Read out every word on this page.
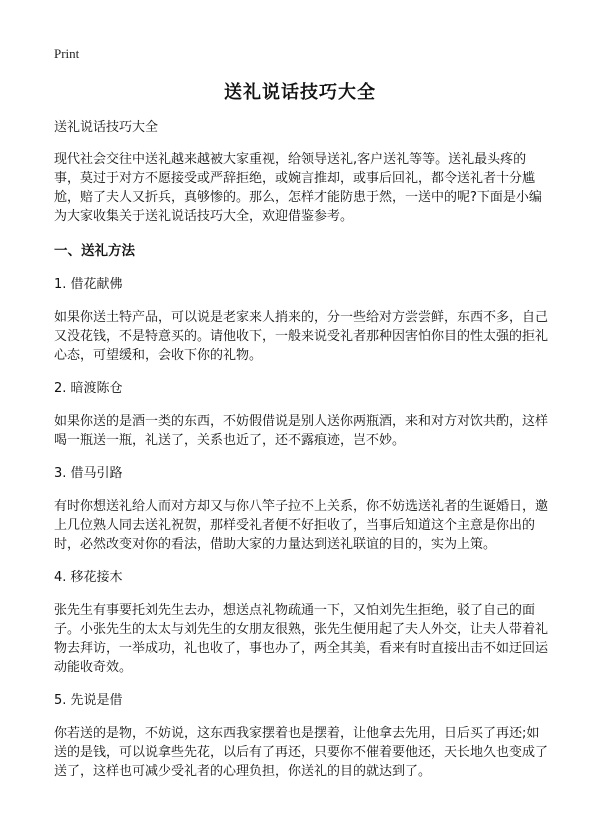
Print
送礼说话技巧大全

送礼说话技巧大全

现代社会交往中送礼越来越被大家重视，给领导送礼,客户送礼等等。送礼最头疼的事，莫过于对方不愿接受或严辞拒绝，或婉言推却，或事后回礼，都令送礼者十分尴尬，赔了夫人又折兵，真够惨的。那么，怎样才能防患于然，一送中的呢?下面是小编为大家收集关于送礼说话技巧大全，欢迎借鉴参考。

一、送礼方法

1. 借花献佛

如果你送土特产品，可以说是老家来人捎来的，分一些给对方尝尝鲜，东西不多，自己又没花钱，不是特意买的。请他收下，一般来说受礼者那种因害怕你目的性太强的拒礼心态，可望缓和，会收下你的礼物。

2. 暗渡陈仓

如果你送的是酒一类的东西，不妨假借说是别人送你两瓶酒，来和对方对饮共酌，这样喝一瓶送一瓶，礼送了，关系也近了，还不露痕迹，岂不妙。

3. 借马引路

有时你想送礼给人而对方却又与你八竿子拉不上关系，你不妨选送礼者的生诞婚日，邀上几位熟人同去送礼祝贺，那样受礼者便不好拒收了，当事后知道这个主意是你出的时，必然改变对你的看法，借助大家的力量达到送礼联谊的目的，实为上策。

4. 移花接木

张先生有事要托刘先生去办，想送点礼物疏通一下，又怕刘先生拒绝，驳了自己的面子。小张先生的太太与刘先生的女朋友很熟，张先生便用起了夫人外交，让夫人带着礼物去拜访，一举成功，礼也收了，事也办了，两全其美，看来有时直接出击不如迂回运动能收奇效。

5. 先说是借

你若送的是物，不妨说，这东西我家摆着也是摆着，让他拿去先用，日后买了再还;如送的是钱，可以说拿些先花，以后有了再还，只要你不催着要他还，天长地久也变成了送了，这样也可减少受礼者的心理负担，你送礼的目的就达到了。
